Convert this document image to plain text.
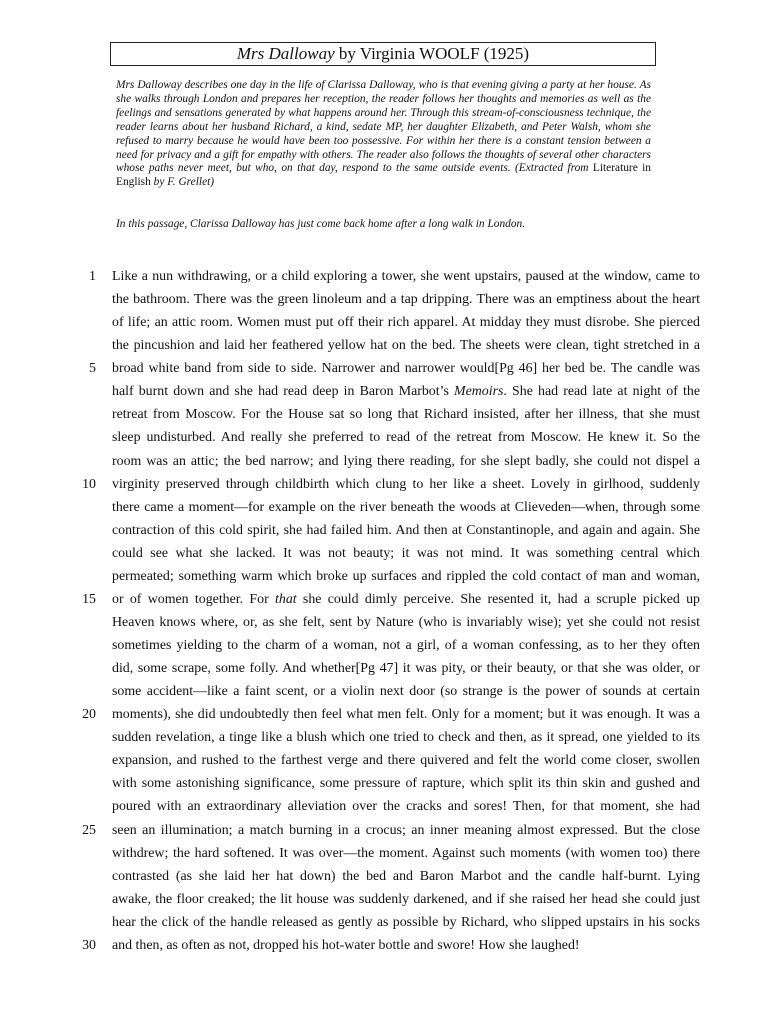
Mrs Dalloway by Virginia WOOLF (1925)

Mrs Dalloway describes one day in the life of Clarissa Dalloway, who is that evening giving a party at her house. As she walks through London and prepares her reception, the reader follows her thoughts and memories as well as the feelings and sensations generated by what happens around her. Through this stream-of-consciousness technique, the reader learns about her husband Richard, a kind, sedate MP, her daughter Elizabeth, and Peter Walsh, whom she refused to marry because he would have been too possessive. For within her there is a constant tension between a need for privacy and a gift for empathy with others. The reader also follows the thoughts of several other characters whose paths never meet, but who, on that day, respond to the same outside events. (Extracted from Literature in English by F. Grellet)

In this passage, Clarissa Dalloway has just come back home after a long walk in London.
1 Like a nun withdrawing, or a child exploring a tower, she went upstairs, paused at the window, came to
the bathroom. There was the green linoleum and a tap dripping. There was an emptiness about the heart
of life; an attic room. Women must put off their rich apparel. At midday they must disrobe. She pierced
the pincushion and laid her feathered yellow hat on the bed. The sheets were clean, tight stretched in a
5 broad white band from side to side. Narrower and narrower would[Pg 46] her bed be. The candle was
half burnt down and she had read deep in Baron Marbot’s Memoirs. She had read late at night of the
retreat from Moscow. For the House sat so long that Richard insisted, after her illness, that she must
sleep undisturbed. And really she preferred to read of the retreat from Moscow. He knew it. So the
room was an attic; the bed narrow; and lying there reading, for she slept badly, she could not dispel a
10 virginity preserved through childbirth which clung to her like a sheet. Lovely in girlhood, suddenly
there came a moment—for example on the river beneath the woods at Clieveden—when, through some
contraction of this cold spirit, she had failed him. And then at Constantinople, and again and again. She
could see what she lacked. It was not beauty; it was not mind. It was something central which
permeated; something warm which broke up surfaces and rippled the cold contact of man and woman,
15 or of women together. For that she could dimly perceive. She resented it, had a scruple picked up
Heaven knows where, or, as she felt, sent by Nature (who is invariably wise); yet she could not resist
sometimes yielding to the charm of a woman, not a girl, of a woman confessing, as to her they often
did, some scrape, some folly. And whether[Pg 47] it was pity, or their beauty, or that she was older, or
some accident—like a faint scent, or a violin next door (so strange is the power of sounds at certain
20 moments), she did undoubtedly then feel what men felt. Only for a moment; but it was enough. It was a
sudden revelation, a tinge like a blush which one tried to check and then, as it spread, one yielded to its
expansion, and rushed to the farthest verge and there quivered and felt the world come closer, swollen
with some astonishing significance, some pressure of rapture, which split its thin skin and gushed and
poured with an extraordinary alleviation over the cracks and sores! Then, for that moment, she had
25 seen an illumination; a match burning in a crocus; an inner meaning almost expressed. But the close
withdrew; the hard softened. It was over—the moment. Against such moments (with women too) there
contrasted (as she laid her hat down) the bed and Baron Marbot and the candle half-burnt. Lying
awake, the floor creaked; the lit house was suddenly darkened, and if she raised her head she could just
hear the click of the handle released as gently as possible by Richard, who slipped upstairs in his socks
30 and then, as often as not, dropped his hot-water bottle and swore! How she laughed!
